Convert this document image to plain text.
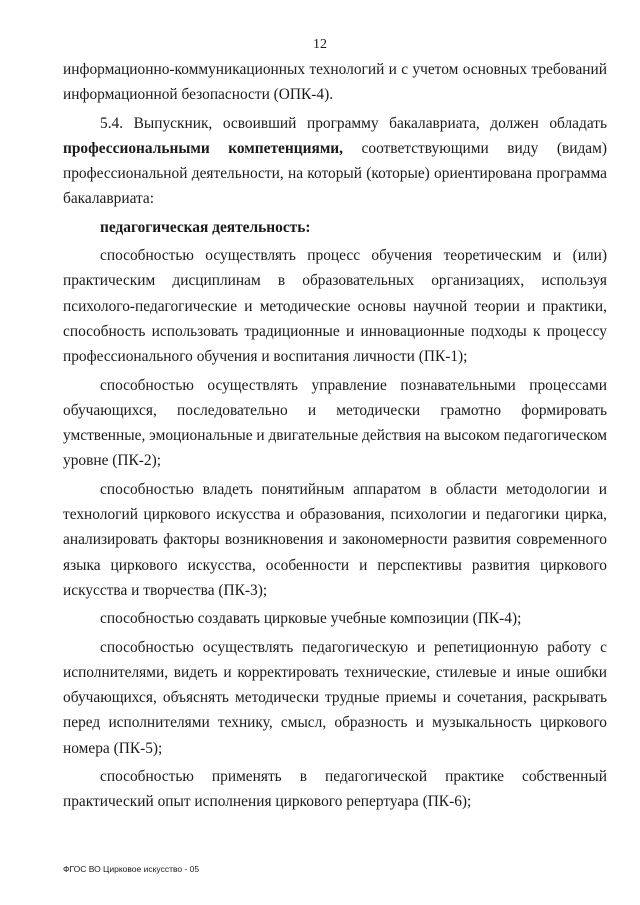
12

информационно-коммуникационных технологий и с учетом основных требований информационной безопасности (ОПК-4).

5.4. Выпускник, освоивший программу бакалавриата, должен обладать профессиональными компетенциями, соответствующими виду (видам) профессиональной деятельности, на который (которые) ориентирована программа бакалавриата:

педагогическая деятельность:

способностью осуществлять процесс обучения теоретическим и (или) практическим дисциплинам в образовательных организациях, используя психолого-педагогические и методические основы научной теории и практики, способность использовать традиционные и инновационные подходы к процессу профессионального обучения и воспитания личности (ПК-1);

способностью осуществлять управление познавательными процессами обучающихся, последовательно и методически грамотно формировать умственные, эмоциональные и двигательные действия на высоком педагогическом уровне (ПК-2);

способностью владеть понятийным аппаратом в области методологии и технологий циркового искусства и образования, психологии и педагогики цирка, анализировать факторы возникновения и закономерности развития современного языка циркового искусства, особенности и перспективы развития циркового искусства и творчества (ПК-3);

способностью создавать цирковые учебные композиции (ПК-4);

способностью осуществлять педагогическую и репетиционную работу с исполнителями, видеть и корректировать технические, стилевые и иные ошибки обучающихся, объяснять методически трудные приемы и сочетания, раскрывать перед исполнителями технику, смысл, образность и музыкальность циркового номера (ПК-5);

способностью применять в педагогической практике собственный практический опыт исполнения циркового репертуара (ПК-6);

ФГОС ВО Цирковое искусство - 05
